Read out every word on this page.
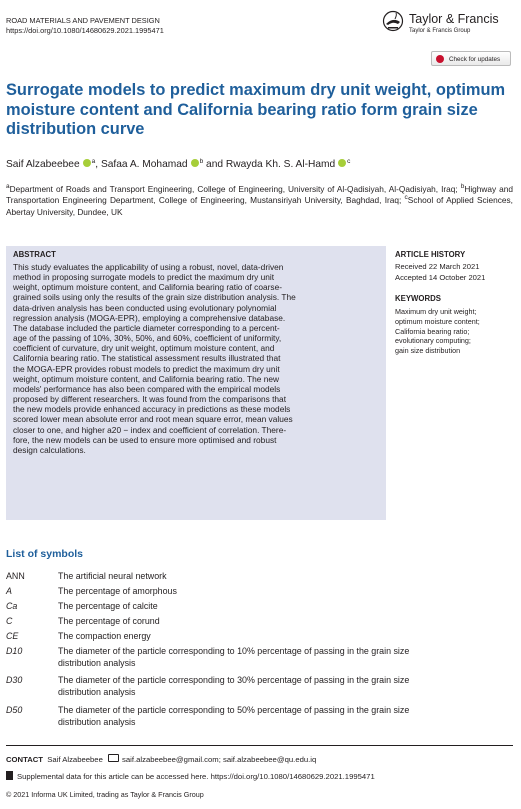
ROAD MATERIALS AND PAVEMENT DESIGN
https://doi.org/10.1080/14680629.2021.1995471
Taylor & Francis
Taylor & Francis Group
Check for updates
Surrogate models to predict maximum dry unit weight, optimum moisture content and California bearing ratio form grain size distribution curve
Saif Alzabeebee $^a$, Safaa A. Mohamad $^b$ and Rwayda Kh. S. Al-Hamd $^c$
$^a$Department of Roads and Transport Engineering, College of Engineering, University of Al-Qadisiyah, Al-Qadisiyah, Iraq; $^b$Highway and Transportation Engineering Department, College of Engineering, Mustansiriyah University, Baghdad, Iraq; $^c$School of Applied Sciences, Abertay University, Dundee, UK
ABSTRACT
This study evaluates the applicability of using a robust, novel, data-driven
method in proposing surrogate models to predict the maximum dry unit
weight, optimum moisture content, and California bearing ratio of coarse-
grained soils using only the results of the grain size distribution analysis. The
data-driven analysis has been conducted using evolutionary polynomial
regression analysis (MOGA-EPR), employing a comprehensive database.
The database included the particle diameter corresponding to a percent-
age of the passing of 10%, 30%, 50%, and 60%, coefficient of uniformity,
coefficient of curvature, dry unit weight, optimum moisture content, and
California bearing ratio. The statistical assessment results illustrated that
the MOGA-EPR provides robust models to predict the maximum dry unit
weight, optimum moisture content, and California bearing ratio. The new
models' performance has also been compared with the empirical models
proposed by different researchers. It was found from the comparisons that
the new models provide enhanced accuracy in predictions as these models
scored lower mean absolute error and root mean square error, mean values
closer to one, and higher a20 − index and coefficient of correlation. There-
fore, the new models can be used to ensure more optimised and robust
design calculations.
ARTICLE HISTORY
Received 22 March 2021
Accepted 14 October 2021
KEYWORDS
Maximum dry unit weight;
optimum moisture content;
California bearing ratio;
evolutionary computing;
gain size distribution
List of symbols
ANN	The artificial neural network
A	The percentage of amorphous
Ca	The percentage of calcite
C	The percentage of corund
CE	The compaction energy
D10	The diameter of the particle corresponding to 10% percentage of passing in the grain size
distribution analysis
D30	The diameter of the particle corresponding to 30% percentage of passing in the grain size
distribution analysis
D50	The diameter of the particle corresponding to 50% percentage of passing in the grain size
distribution analysis
CONTACT Saif Alzabeebee saif.alzabeebee@gmail.com; saif.alzabeebee@qu.edu.iq
Supplemental data for this article can be accessed here. https://doi.org/10.1080/14680629.2021.1995471
© 2021 Informa UK Limited, trading as Taylor & Francis Group
